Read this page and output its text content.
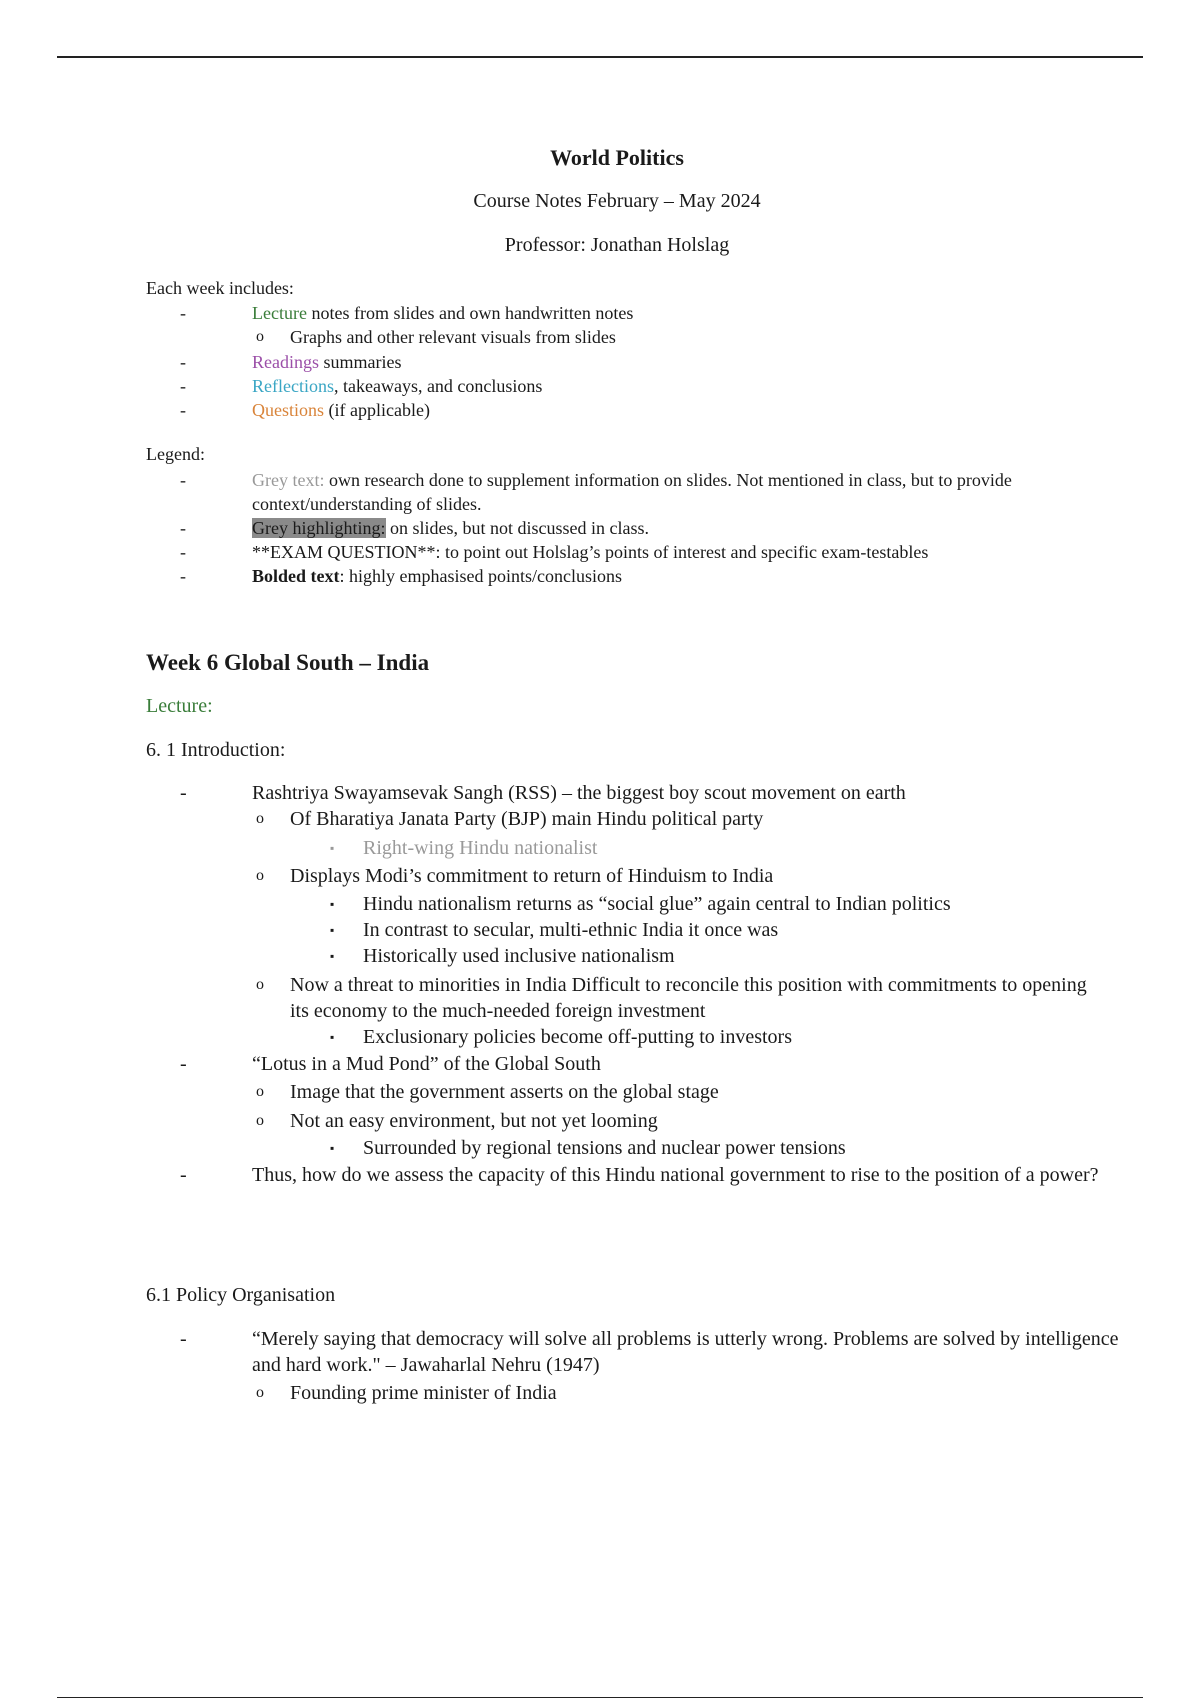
World Politics
Course Notes February – May 2024
Professor: Jonathan Holslag
Each week includes:
-	Lecture notes from slides and own handwritten notes
o Graphs and other relevant visuals from slides
-	Readings summaries
-	Reflections, takeaways, and conclusions
-	Questions (if applicable)
Legend:
-	Grey text: own research done to supplement information on slides. Not mentioned in class, but to provide context/understanding of slides.
-	Grey highlighting: on slides, but not discussed in class.
-	**EXAM QUESTION**: to point out Holslag’s points of interest and specific exam-testables
-	Bolded text: highly emphasised points/conclusions
Week 6 Global South – India
Lecture:
6. 1 Introduction:
-	Rashtriya Swayamsevak Sangh (RSS) – the biggest boy scout movement on earth
o Of Bharatiya Janata Party (BJP) main Hindu political party
▪ Right-wing Hindu nationalist
o Displays Modi’s commitment to return of Hinduism to India
▪ Hindu nationalism returns as “social glue” again central to Indian politics
▪ In contrast to secular, multi-ethnic India it once was
▪ Historically used inclusive nationalism
o Now a threat to minorities in India Difficult to reconcile this position with commitments to opening its economy to the much-needed foreign investment
▪ Exclusionary policies become off-putting to investors
-	“Lotus in a Mud Pond” of the Global South
o Image that the government asserts on the global stage
o Not an easy environment, but not yet looming
▪ Surrounded by regional tensions and nuclear power tensions
-	Thus, how do we assess the capacity of this Hindu national government to rise to the position of a power?
6.1 Policy Organisation
-	“Merely saying that democracy will solve all problems is utterly wrong. Problems are solved by intelligence and hard work." – Jawaharlal Nehru (1947)
o Founding prime minister of India
